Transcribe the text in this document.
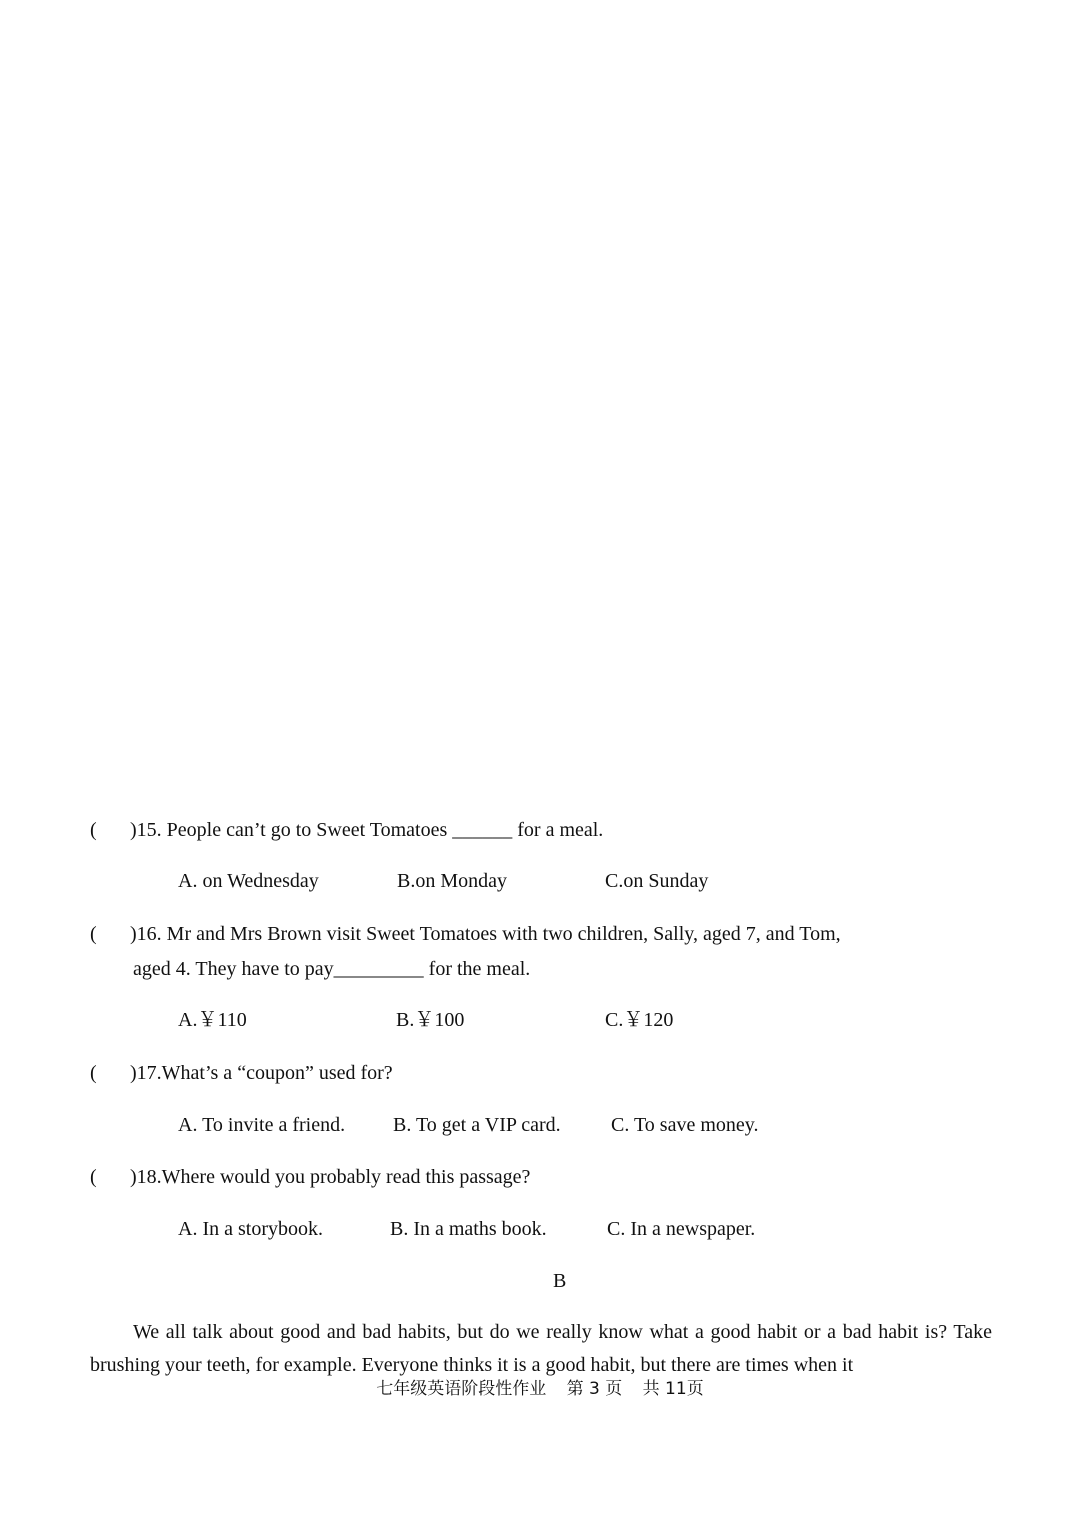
( )15. People can’t go to Sweet Tomatoes ______ for a meal.
A. on Wednesday	B.on Monday	C.on Sunday
( )16. Mr and Mrs Brown visit Sweet Tomatoes with two children, Sally, aged 7, and Tom,
aged 4. They have to pay_________ for the meal.
A.￥110	B.￥100	C.￥120
( )17.What’s a “coupon” used for?
A. To invite a friend. B. To get a VIP card.	C. To save money.
( )18.Where would you probably read this passage?
A. In a storybook.	B. In a maths book.	C. In a newspaper.
B
We all talk about good and bad habits, but do we really know what a good habit or a bad habit is? Take brushing your teeth, for example. Everyone thinks it is a good habit, but there are times when it
七年级英语阶段性作业 第 3 页 共 11页
